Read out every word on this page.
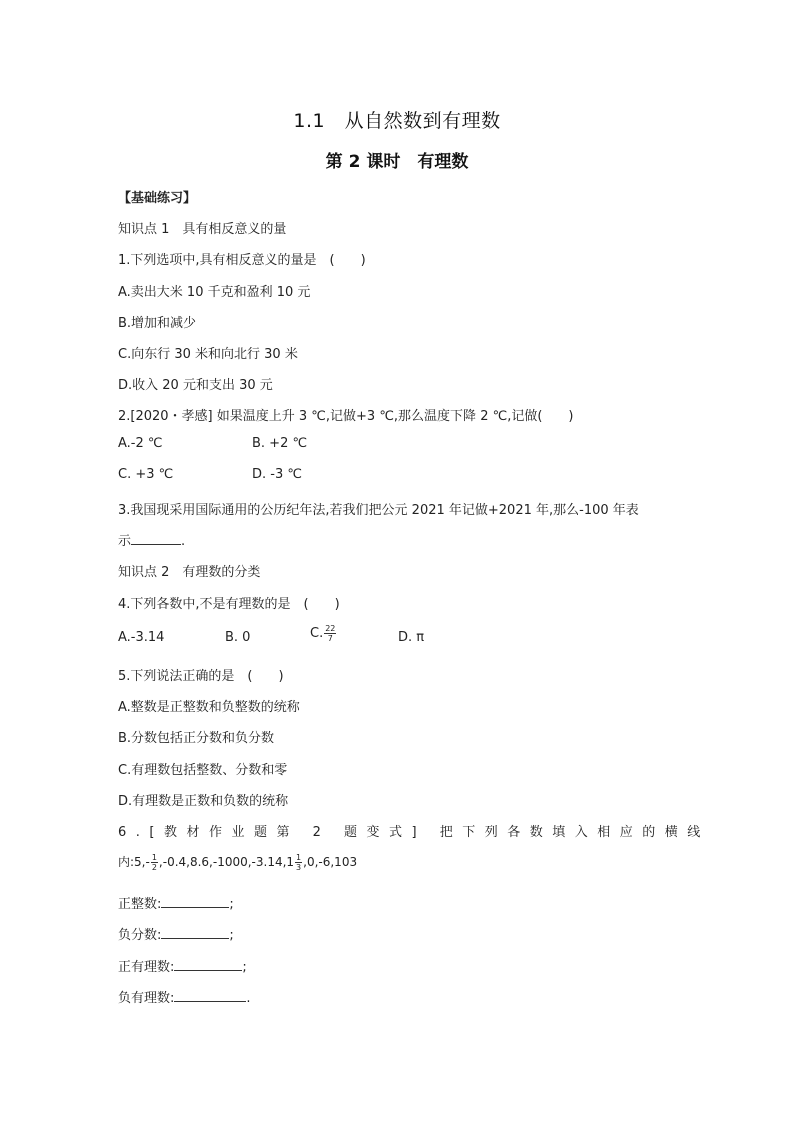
1.1　从自然数到有理数
第 2 课时　有理数
【基础练习】
知识点 1　具有相反意义的量
1.下列选项中,具有相反意义的量是　(　　)
A.卖出大米 10 千克和盈利 10 元
B.增加和减少
C.向东行 30 米和向北行 30 米
D.收入 20 元和支出 30 元
2.[2020・孝感] 如果温度上升 3 ℃,记做+3 ℃,那么温度下降 2 ℃,记做(　　)
A.-2 ℃	B. +2 ℃
C. +3 ℃	D. -3 ℃
3.我国现采用国际通用的公历纪年法,若我们把公元 2021 年记做+2021 年,那么-100 年表
示	.
知识点 2　有理数的分类
4.下列各数中,不是有理数的是　(　　)
A.-3.14	B. 0	C. $\frac{22}{7}$	D. π
5.下列说法正确的是　(　　)
A.整数是正整数和负整数的统称
B.分数包括正分数和负分数
C.有理数包括整数、分数和零
D.有理数是正数和负数的统称
6.[教材作业题第 2 题变式] 把下列各数填入相应的横线
内:5,- $\frac{1}{2} ,-0.4,8.6,-1000,-3.14,1 \frac{1}{3} ,0,-6,103$
正整数:	;
负分数:	;
正有理数:	;
负有理数:	.
